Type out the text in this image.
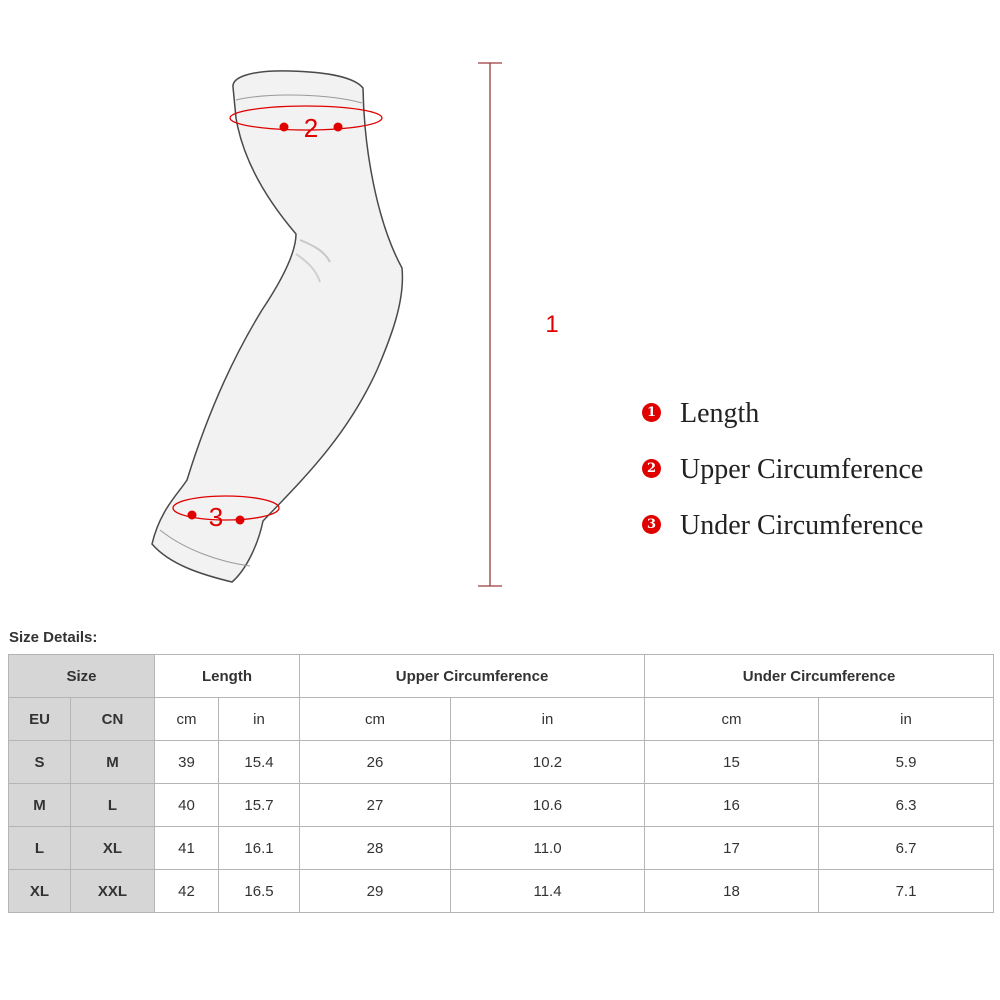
2
3
1
1 Length
2 Upper Circumference
3 Under Circumference
Size Details:
Size		Length		Upper Circumference		Under Circumference	
EU	CN	cm	in	cm	in	cm	in
S	M	39	15.4	26	10.2	15	5.9
M	L	40	15.7	27	10.6	16	6.3
L	XL	41	16.1	28	11.0	17	6.7
XL	XXL	42	16.5	29	11.4	18	7.1
